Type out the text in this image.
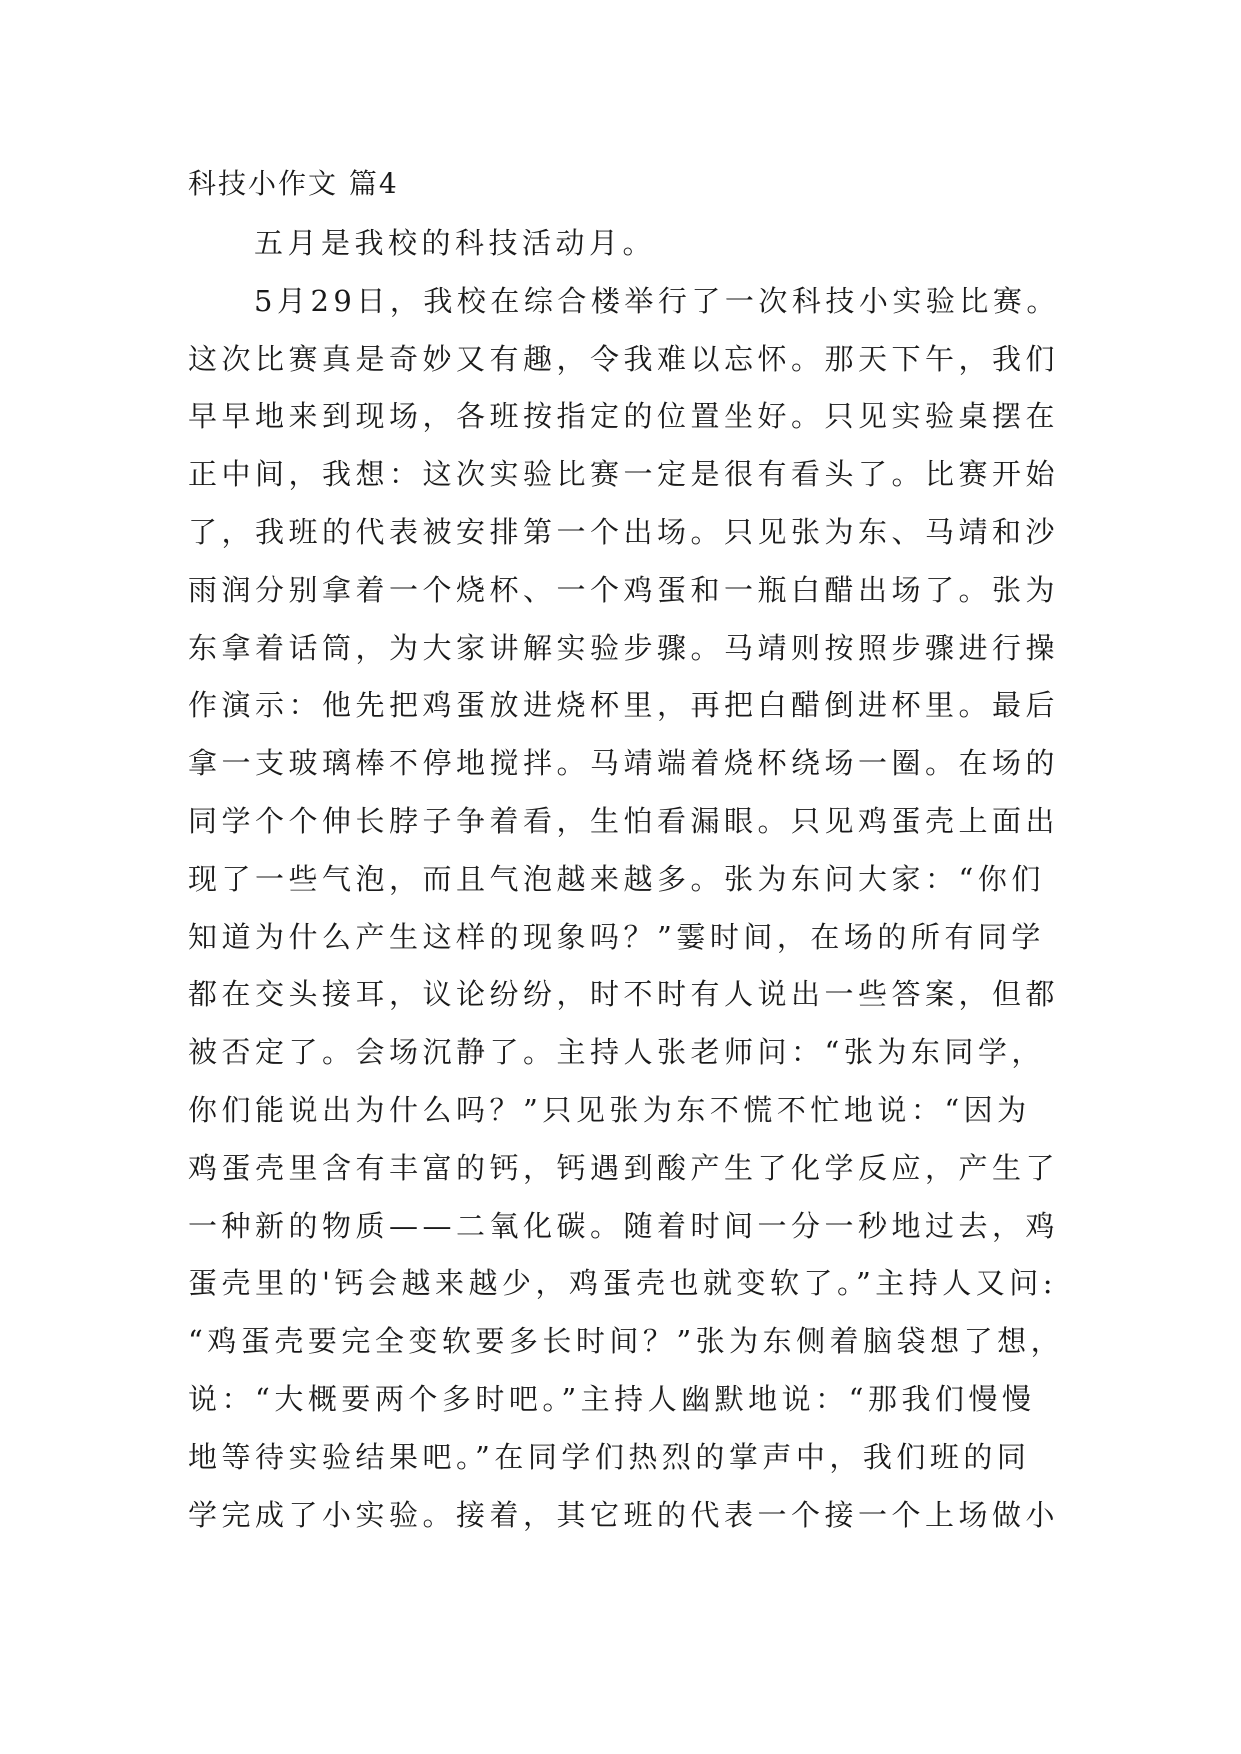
科技小作文 篇4
五月是我校的科技活动月。
5月29日，我校在综合楼举行了一次科技小实验比赛。
这次比赛真是奇妙又有趣，令我难以忘怀。那天下午，我们
早早地来到现场，各班按指定的位置坐好。只见实验桌摆在
正中间，我想：这次实验比赛一定是很有看头了。比赛开始
了，我班的代表被安排第一个出场。只见张为东、马靖和沙
雨润分别拿着一个烧杯、一个鸡蛋和一瓶白醋出场了。张为
东拿着话筒，为大家讲解实验步骤。马靖则按照步骤进行操
作演示：他先把鸡蛋放进烧杯里，再把白醋倒进杯里。最后
拿一支玻璃棒不停地搅拌。马靖端着烧杯绕场一圈。在场的
同学个个伸长脖子争着看，生怕看漏眼。只见鸡蛋壳上面出
现了一些气泡，而且气泡越来越多。张为东问大家：“你们
知道为什么产生这样的现象吗？”霎时间，在场的所有同学
都在交头接耳，议论纷纷，时不时有人说出一些答案，但都
被否定了。会场沉静了。主持人张老师问：“张为东同学，
你们能说出为什么吗？”只见张为东不慌不忙地说：“因为
鸡蛋壳里含有丰富的钙，钙遇到酸产生了化学反应，产生了
一种新的物质——二氧化碳。随着时间一分一秒地过去，鸡
蛋壳里的'钙会越来越少，鸡蛋壳也就变软了。”主持人又问:
“鸡蛋壳要完全变软要多长时间？”张为东侧着脑袋想了想，
说：“大概要两个多时吧。”主持人幽默地说：“那我们慢慢
地等待实验结果吧。”在同学们热烈的掌声中，我们班的同
学完成了小实验。接着，其它班的代表一个接一个上场做小
